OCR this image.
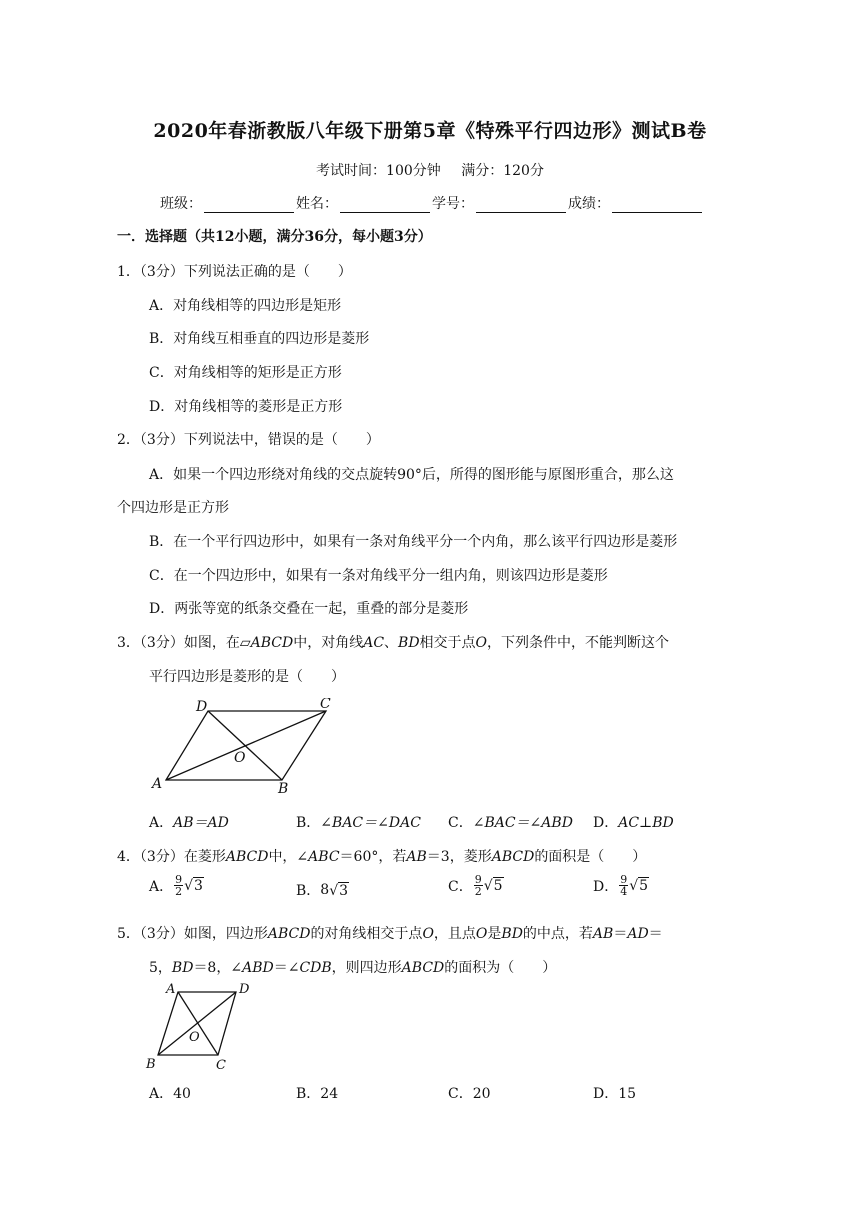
2020年春浙教版八年级下册第5章《特殊平行四边形》测试B卷
考试时间：100分钟 满分：120分
班级：	姓名：	学号：	成绩：
一．选择题（共12小题，满分36分，每小题3分）
1．（3分）下列说法正确的是（　　）
A．对角线相等的四边形是矩形
B．对角线互相垂直的四边形是菱形
C．对角线相等的矩形是正方形
D．对角线相等的菱形是正方形
2．（3分）下列说法中，错误的是（　　）
A．如果一个四边形绕对角线的交点旋转90°后，所得的图形能与原图形重合，那么这
个四边形是正方形
B．在一个平行四边形中，如果有一条对角线平分一个内角，那么该平行四边形是菱形
C．在一个四边形中，如果有一条对角线平分一组内角，则该四边形是菱形
D．两张等宽的纸条交叠在一起，重叠的部分是菱形
3．（3分）如图，在▱ABCD中，对角线AC、BD相交于点O，下列条件中，不能判断这个
平行四边形是菱形的是（　　）
A	B
C
D
O
A．AB＝AD	B．∠BAC＝∠DAC C．∠BAC＝∠ABD D．AC⊥BD
4．（3分）在菱形ABCD中，∠ABC＝60°，若AB＝3，菱形ABCD的面积是（　　）
A． $\frac{9}{2}$ √ 3	B． 8 √ 3	C． $\frac{9}{2}$ √ 5	D． $\frac{9}{4}$ √ 5
5．（3分）如图，四边形ABCD的对角线相交于点O，且点O是BD的中点，若AB＝AD＝
5，BD＝8，∠ABD＝∠CDB，则四边形ABCD的面积为（　　）
A	D
B	C
O
A．40	B．24	C．20	D．15
